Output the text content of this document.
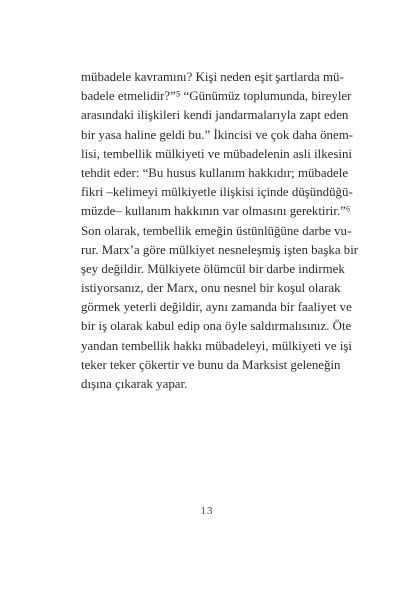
mübadele kavramını? Kişi neden eşit şartlarda mü-
badele etmelidir?”⁵ “Günümüz toplumunda, bireyler
arasındaki ilişkileri kendi jandarmalarıyla zapt eden
bir yasa haline geldi bu.” İkincisi ve çok daha önem-
lisi, tembellik mülkiyeti ve mübadelenin asli ilkesini
tehdit eder: “Bu husus kullanım hakkıdır; mübadele
fikri –kelimeyi mülkiyetle ilişkisi içinde düşündüğü-
müzde– kullanım hakkının var olmasını gerektirir.”⁶
Son olarak, tembellik emeğin üstünlüğüne darbe vu-
rur. Marx’a göre mülkiyet nesneleşmiş işten başka bir
şey değildir. Mülkiyete ölümcül bir darbe indirmek
istiyorsanız, der Marx, onu nesnel bir koşul olarak
görmek yeterli değildir, aynı zamanda bir faaliyet ve
bir iş olarak kabul edip ona öyle saldırmalısınız. Öte
yandan tembellik hakkı mübadeleyi, mülkiyeti ve işi
teker teker çökertir ve bunu da Marksist geleneğin
dışına çıkarak yapar.
13
